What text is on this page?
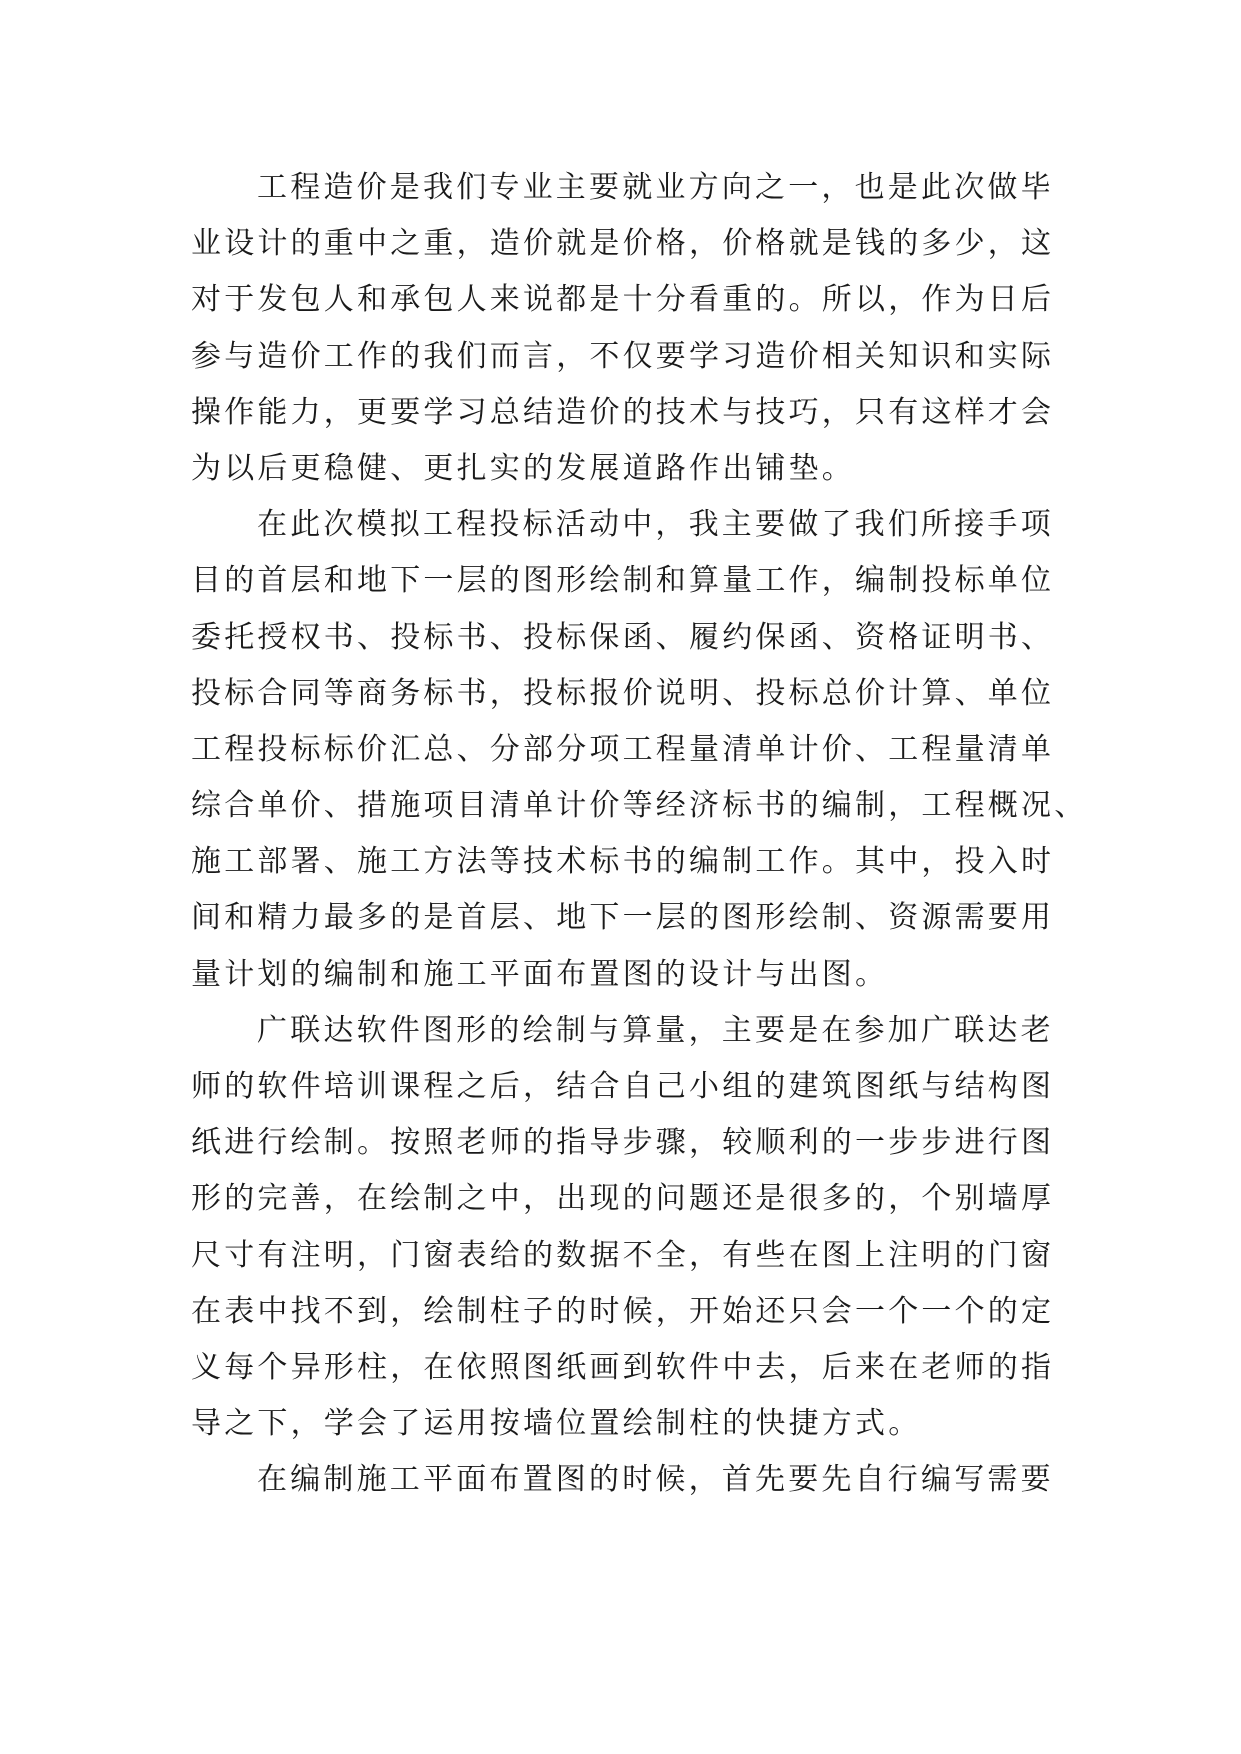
工程造价是我们专业主要就业方向之一，也是此次做毕
业设计的重中之重，造价就是价格，价格就是钱的多少，这
对于发包人和承包人来说都是十分看重的。所以，作为日后
参与造价工作的我们而言，不仅要学习造价相关知识和实际
操作能力，更要学习总结造价的技术与技巧，只有这样才会
为以后更稳健、更扎实的发展道路作出铺垫。
在此次模拟工程投标活动中，我主要做了我们所接手项
目的首层和地下一层的图形绘制和算量工作，编制投标单位
委托授权书、投标书、投标保函、履约保函、资格证明书、
投标合同等商务标书，投标报价说明、投标总价计算、单位
工程投标标价汇总、分部分项工程量清单计价、工程量清单
综合单价、措施项目清单计价等经济标书的编制，工程概况、
施工部署、施工方法等技术标书的编制工作。其中，投入时
间和精力最多的是首层、地下一层的图形绘制、资源需要用
量计划的编制和施工平面布置图的设计与出图。
广联达软件图形的绘制与算量，主要是在参加广联达老
师的软件培训课程之后，结合自己小组的建筑图纸与结构图
纸进行绘制。按照老师的指导步骤，较顺利的一步步进行图
形的完善，在绘制之中，出现的问题还是很多的，个别墙厚
尺寸有注明，门窗表给的数据不全，有些在图上注明的门窗
在表中找不到，绘制柱子的时候，开始还只会一个一个的定
义每个异形柱，在依照图纸画到软件中去，后来在老师的指
导之下，学会了运用按墙位置绘制柱的快捷方式。
在编制施工平面布置图的时候，首先要先自行编写需要
